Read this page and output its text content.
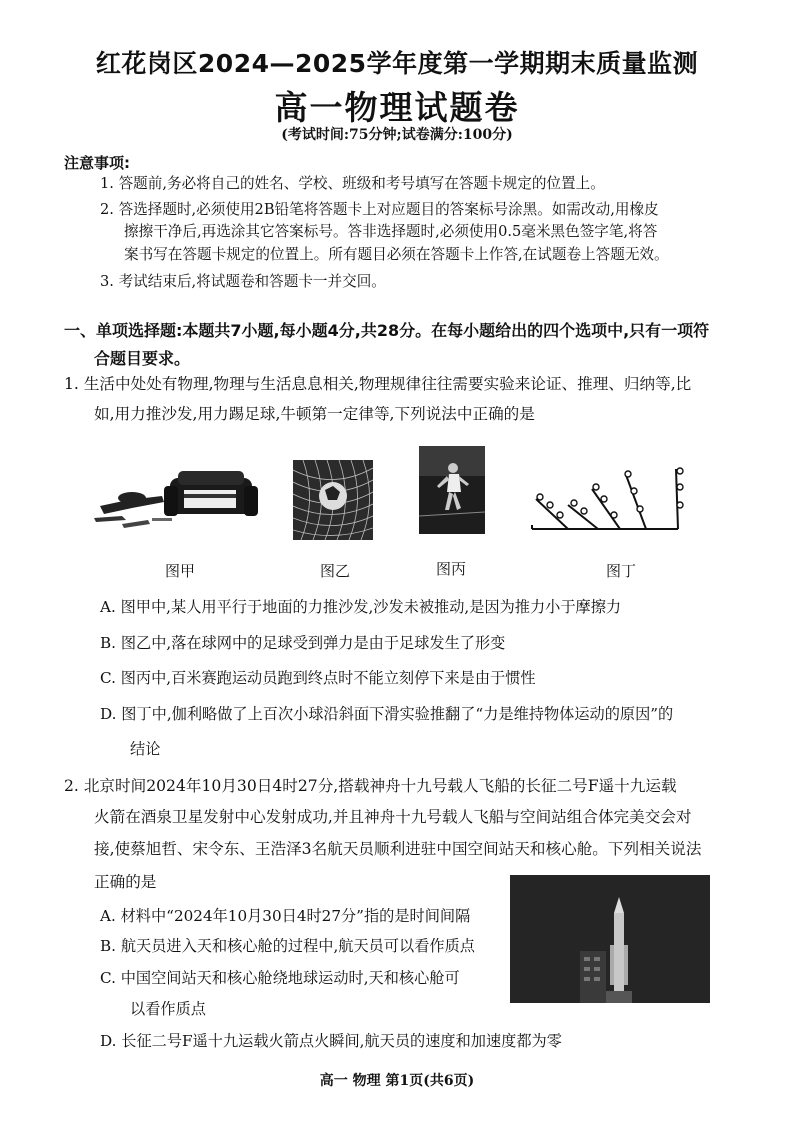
红花岗区2024—2025学年度第一学期期末质量监测
高一物理试题卷
(考试时间:75分钟;试卷满分:100分)
注意事项:
1. 答题前,务必将自己的姓名、学校、班级和考号填写在答题卡规定的位置上。
2. 答选择题时,必须使用2B铅笔将答题卡上对应题目的答案标号涂黑。如需改动,用橡皮
擦擦干净后,再选涂其它答案标号。答非选择题时,必须使用0.5毫米黑色签字笔,将答
案书写在答题卡规定的位置上。所有题目必须在答题卡上作答,在试题卷上答题无效。
3. 考试结束后,将试题卷和答题卡一并交回。
一、单项选择题:本题共7小题,每小题4分,共28分。在每小题给出的四个选项中,只有一项符
合题目要求。
1. 生活中处处有物理,物理与生活息息相关,物理规律往往需要实验来论证、推理、归纳等,比
如,用力推沙发,用力踢足球,牛顿第一定律等,下列说法中正确的是
图甲	图乙	图丙	图丁
A. 图甲中,某人用平行于地面的力推沙发,沙发未被推动,是因为推力小于摩擦力
B. 图乙中,落在球网中的足球受到弹力是由于足球发生了形变
C. 图丙中,百米赛跑运动员跑到终点时不能立刻停下来是由于惯性
D. 图丁中,伽利略做了上百次小球沿斜面下滑实验推翻了“力是维持物体运动的原因”的
结论
2. 北京时间2024年10月30日4时27分,搭载神舟十九号载人飞船的长征二号F遥十九运载
火箭在酒泉卫星发射中心发射成功,并且神舟十九号载人飞船与空间站组合体完美交会对
接,使蔡旭哲、宋令东、王浩泽3名航天员顺利进驻中国空间站天和核心舱。下列相关说法
正确的是
A. 材料中“2024年10月30日4时27分”指的是时间间隔
B. 航天员进入天和核心舱的过程中,航天员可以看作质点
C. 中国空间站天和核心舱绕地球运动时,天和核心舱可
以看作质点
D. 长征二号F遥十九运载火箭点火瞬间,航天员的速度和加速度都为零
高一 物理 第1页(共6页)
